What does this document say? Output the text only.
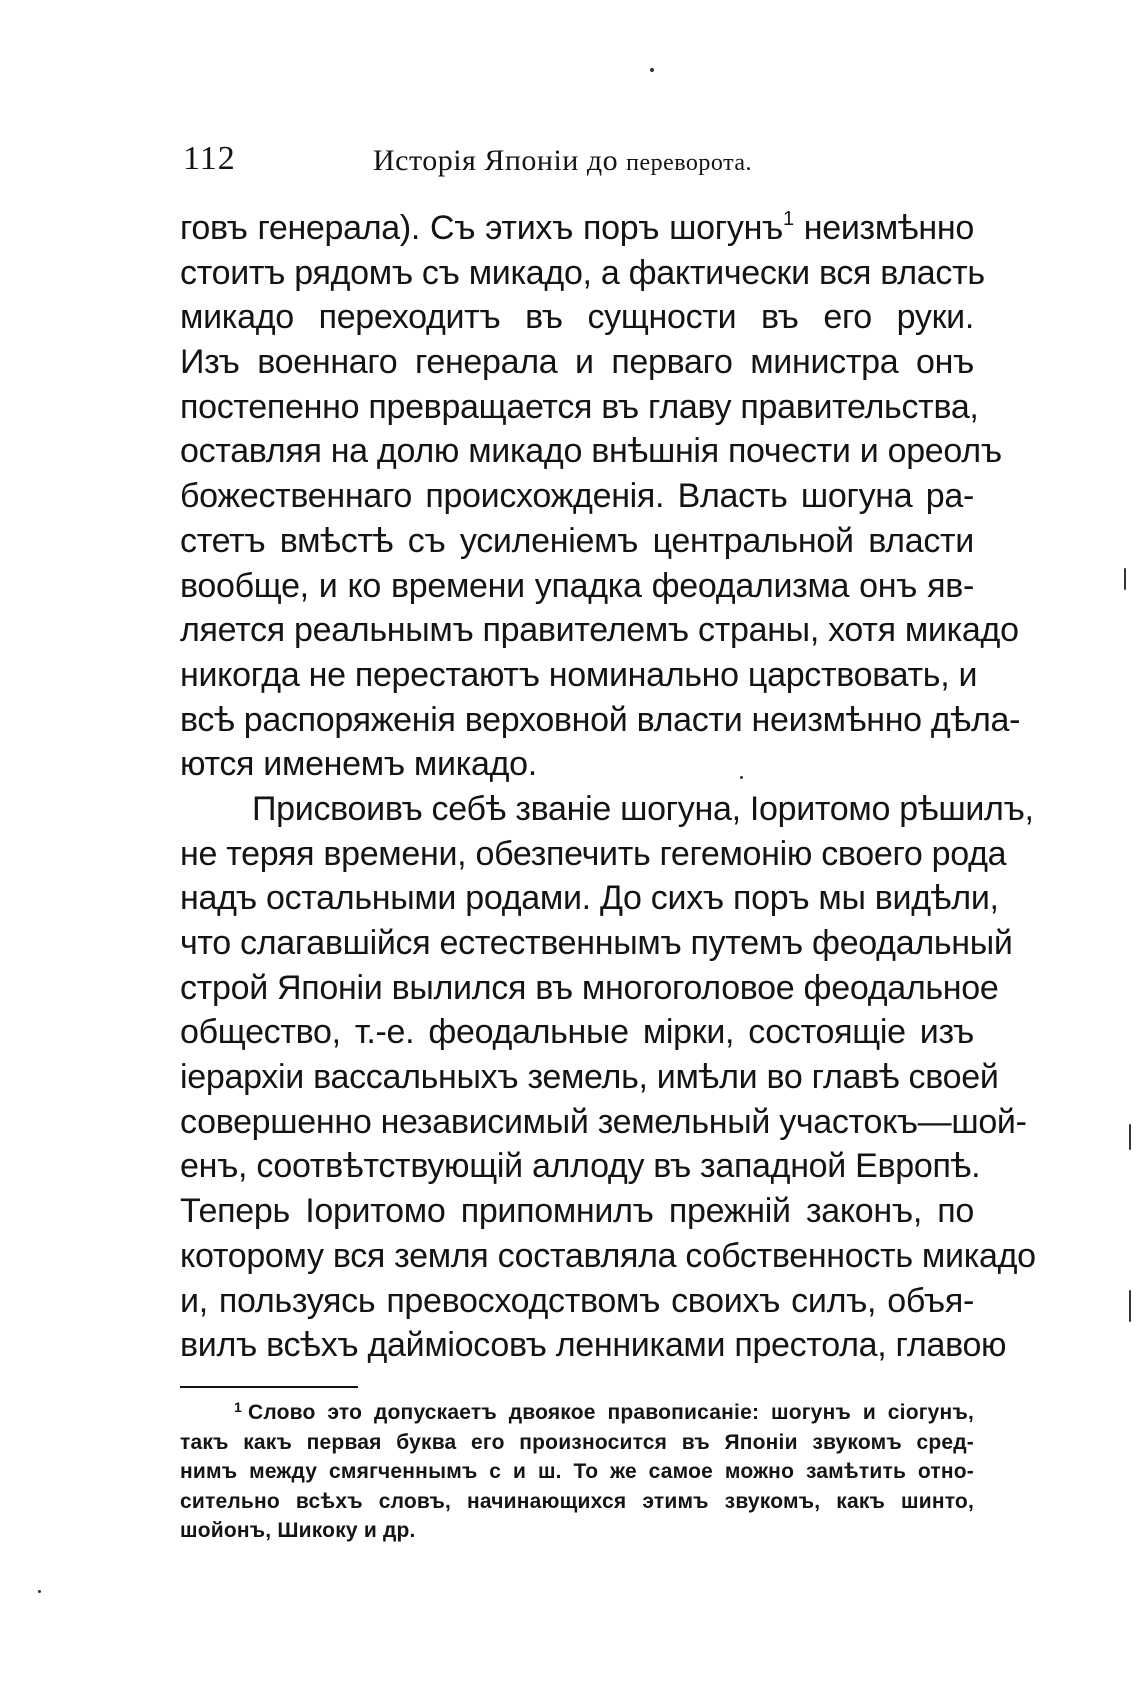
112	Исторія Японіи до переворота.
говъ генерала). Съ этихъ поръ шогунъ$^1$ неизмѣнно
стоитъ рядомъ съ микадо, а фактически вся власть
микадо переходитъ въ сущности въ его руки.
Изъ военнаго генерала и перваго министра онъ
постепенно превращается въ главу правительства,
оставляя на долю микадо внѣшнія почести и ореолъ
божественнаго происхожденія. Власть шогуна ра-
стетъ вмѣстѣ съ усиленіемъ центральной власти
вообще, и ко времени упадка феодализма онъ яв-
ляется реальнымъ правителемъ страны, хотя микадо
никогда не перестаютъ номинально царствовать, и
всѣ распоряженія верховной власти неизмѣнно дѣла-
ются именемъ микадо.
Присвоивъ себѣ званіе шогуна, Іоритомо рѣшилъ,
не теряя времени, обезпечить гегемонію своего рода
надъ остальными родами. До сихъ поръ мы видѣли,
что слагавшійся естественнымъ путемъ феодальный
строй Японіи вылился въ многоголовое феодальное
общество, т.-е. феодальные мірки, состоящіе изъ
іерархіи вассальныхъ земель, имѣли во главѣ своей
совершенно независимый земельный участокъ—шой-
енъ, соотвѣтствующій аллоду въ западной Европѣ.
Теперь Іоритомо припомнилъ прежній законъ, по
которому вся земля составляла собственность микадо
и, пользуясь превосходствомъ своихъ силъ, объя-
вилъ всѣхъ даймiосовъ ленниками престола, главою
$^1$ Слово это допускаетъ двоякое правописаніе: шогунъ и сіогунъ,
такъ какъ первая буква его произносится въ Японіи звукомъ сред-
нимъ между смягченнымъ с и ш. То же самое можно замѣтить отно-
сительно всѣхъ словъ, начинающихся этимъ звукомъ, какъ шинто,
шойонъ, Шикоку и др.
